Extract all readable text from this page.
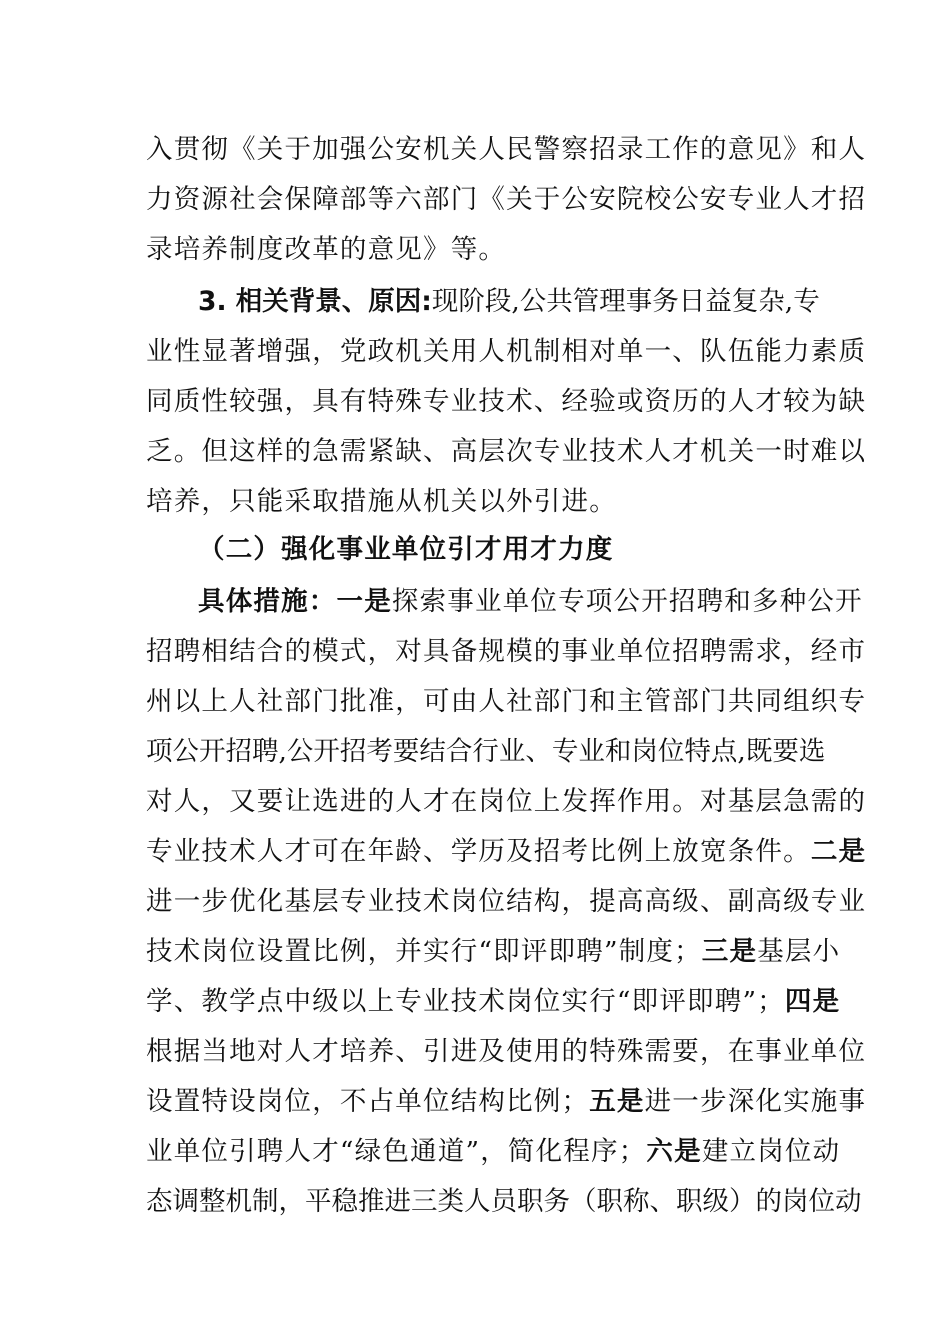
入贯彻《关于加强公安机关人民警察招录工作的意见》和人
力资源社会保障部等六部门《关于公安院校公安专业人才招
录培养制度改革的意见》等。
3. 相关背景、原因:现阶段,公共管理事务日益复杂,专
业性显著增强，党政机关用人机制相对单一、队伍能力素质
同质性较强，具有特殊专业技术、经验或资历的人才较为缺
乏。但这样的急需紧缺、高层次专业技术人才机关一时难以
培养，只能采取措施从机关以外引进。
（二）强化事业单位引才用才力度
具体措施：一是探索事业单位专项公开招聘和多种公开
招聘相结合的模式，对具备规模的事业单位招聘需求，经市
州以上人社部门批准，可由人社部门和主管部门共同组织专
项公开招聘,公开招考要结合行业、专业和岗位特点,既要选
对人，又要让选进的人才在岗位上发挥作用。对基层急需的
专业技术人才可在年龄、学历及招考比例上放宽条件。二是
进一步优化基层专业技术岗位结构，提高高级、副高级专业
技术岗位设置比例，并实行“即评即聘”制度；三是基层小
学、教学点中级以上专业技术岗位实行“即评即聘”；四是
根据当地对人才培养、引进及使用的特殊需要，在事业单位
设置特设岗位，不占单位结构比例；五是进一步深化实施事
业单位引聘人才“绿色通道”，简化程序；六是建立岗位动
态调整机制，平稳推进三类人员职务（职称、职级）的岗位动
